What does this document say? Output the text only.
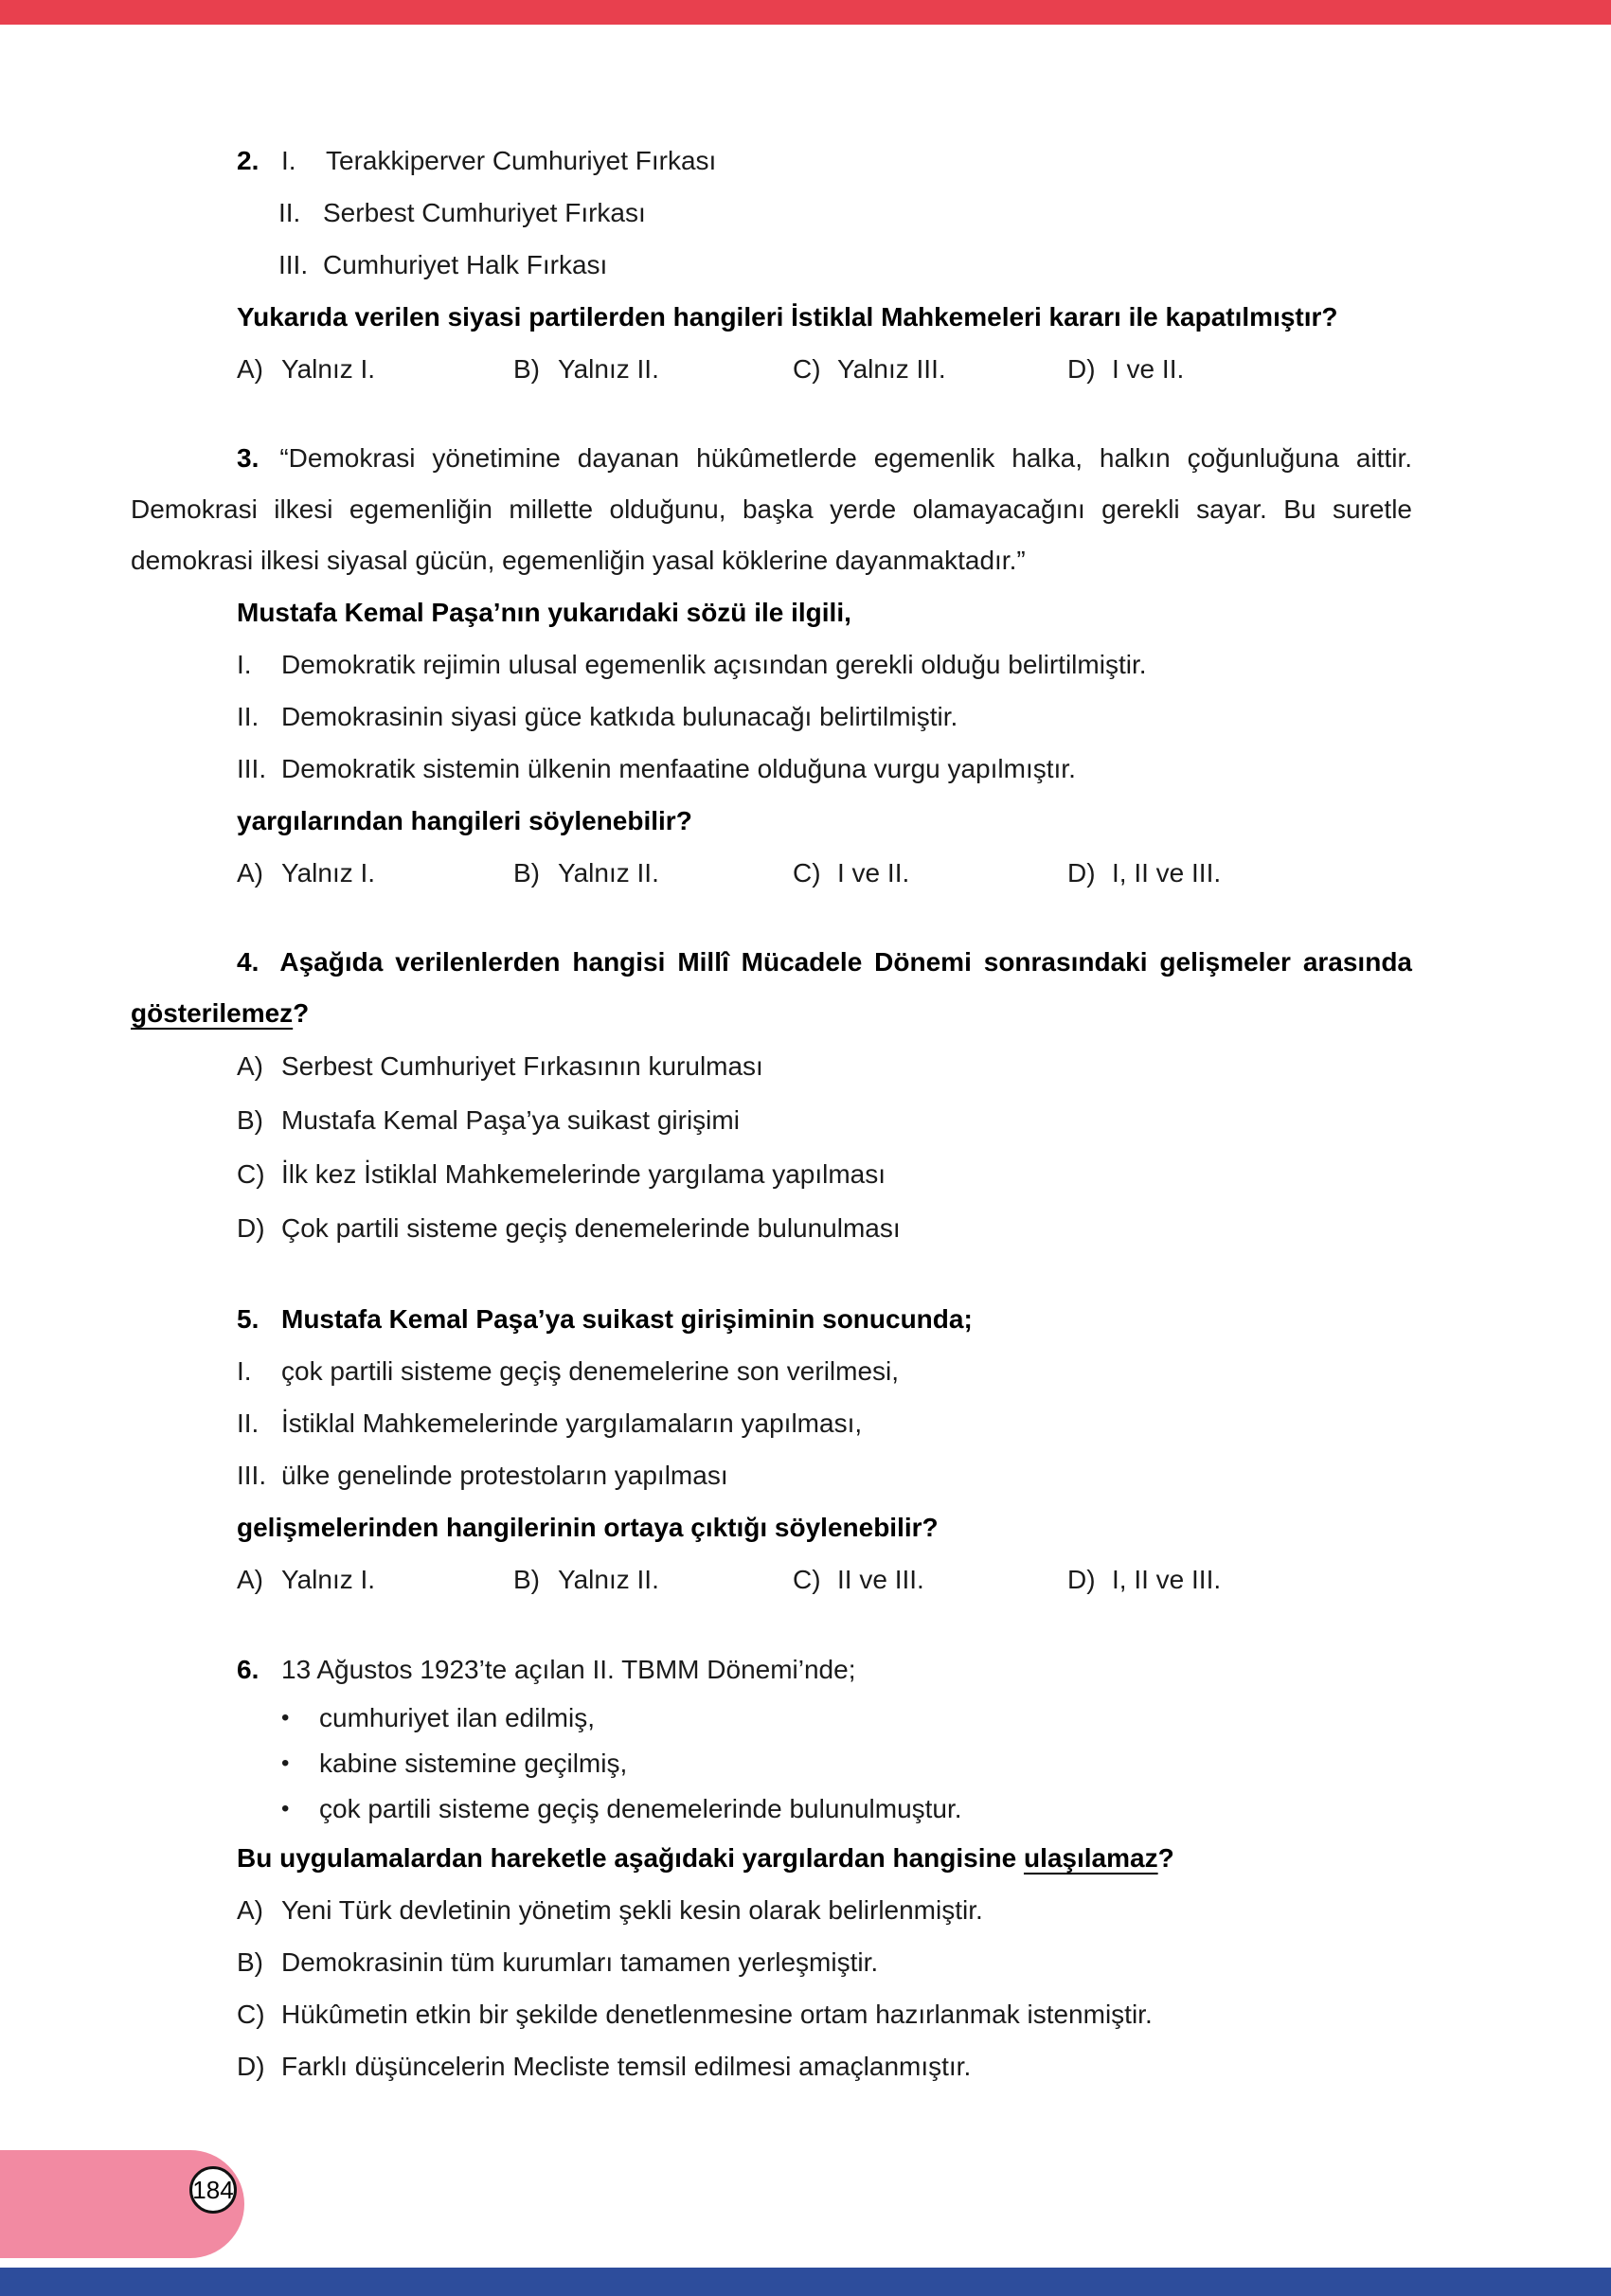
2. I.	Terakkiperver Cumhuriyet Fırkası
II. Serbest Cumhuriyet Fırkası
III. Cumhuriyet Halk Fırkası
Yukarıda verilen siyasi partilerden hangileri İstiklal Mahkemeleri kararı ile kapatılmıştır?
A) Yalnız I.	B) Yalnız II.	C) Yalnız III.	D) I ve II.

3. “Demokrasi yönetimine dayanan hükûmetlerde egemenlik halka, halkın çoğunluğuna aittir. Demokrasi ilkesi egemenliğin millette olduğunu, başka yerde olamayacağını gerekli sayar. Bu suretle demokrasi ilkesi siyasal gücün, egemenliğin yasal köklerine dayanmaktadır.”

Mustafa Kemal Paşa’nın yukarıdaki sözü ile ilgili,
I.	Demokratik rejimin ulusal egemenlik açısından gerekli olduğu belirtilmiştir.
II. Demokrasinin siyasi güce katkıda bulunacağı belirtilmiştir.
III. Demokratik sistemin ülkenin menfaatine olduğuna vurgu yapılmıştır.
yargılarından hangileri söylenebilir?
A) Yalnız I.	B) Yalnız II.	C) I ve II.	D) I, II ve III.

4. Aşağıda verilenlerden hangisi Millî Mücadele Dönemi sonrasındaki gelişmeler arasında gösterilemez?

A) Serbest Cumhuriyet Fırkasının kurulması
B) Mustafa Kemal Paşa’ya suikast girişimi
C) İlk kez İstiklal Mahkemelerinde yargılama yapılması
D) Çok partili sisteme geçiş denemelerinde bulunulması
5. Mustafa Kemal Paşa’ya suikast girişiminin sonucunda;
I.	çok partili sisteme geçiş denemelerine son verilmesi,
II. İstiklal Mahkemelerinde yargılamaların yapılması,
III. ülke genelinde protestoların yapılması
gelişmelerinden hangilerinin ortaya çıktığı söylenebilir?
A) Yalnız I.	B) Yalnız II.	C) II ve III.	D) I, II ve III.
6. 13 Ağustos 1923’te açılan II. TBMM Dönemi’nde;
•	cumhuriyet ilan edilmiş,
•	kabine sistemine geçilmiş,
•	çok partili sisteme geçiş denemelerinde bulunulmuştur.
Bu uygulamalardan hareketle aşağıdaki yargılardan hangisine ulaşılamaz?
A) Yeni Türk devletinin yönetim şekli kesin olarak belirlenmiştir.
B) Demokrasinin tüm kurumları tamamen yerleşmiştir.
C) Hükûmetin etkin bir şekilde denetlenmesine ortam hazırlanmak istenmiştir.
D) Farklı düşüncelerin Mecliste temsil edilmesi amaçlanmıştır.
184
